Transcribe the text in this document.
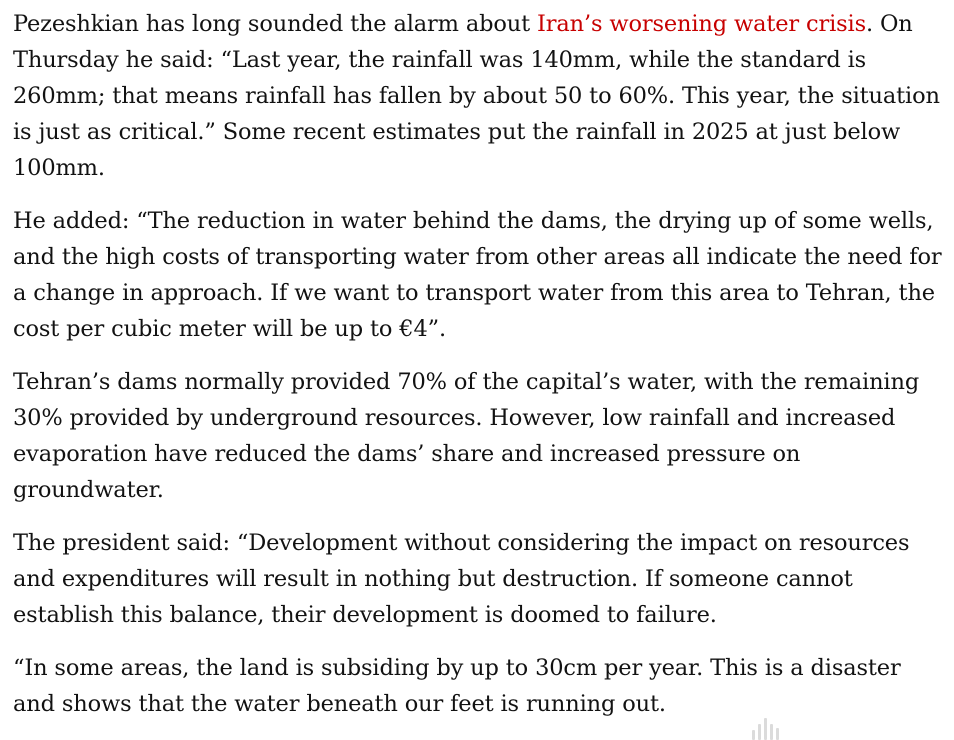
Pezeshkian has long sounded the alarm about Iran’s worsening water crisis. On Thursday he said: “Last year, the rainfall was 140mm, while the standard is 260mm; that means rainfall has fallen by about 50 to 60%. This year, the situation is just as critical.” Some recent estimates put the rainfall in 2025 at just below 100mm.

He added: “The reduction in water behind the dams, the drying up of some wells, and the high costs of transporting water from other areas all indicate the need for a change in approach. If we want to transport water from this area to Tehran, the cost per cubic meter will be up to €4”.

Tehran’s dams normally provided 70% of the capital’s water, with the remaining 30% provided by underground resources. However, low rainfall and increased evaporation have reduced the dams’ share and increased pressure on groundwater.

The president said: “Development without considering the impact on resources and expenditures will result in nothing but destruction. If someone cannot establish this balance, their development is doomed to failure.

“In some areas, the land is subsiding by up to 30cm per year. This is a disaster and shows that the water beneath our feet is running out.
